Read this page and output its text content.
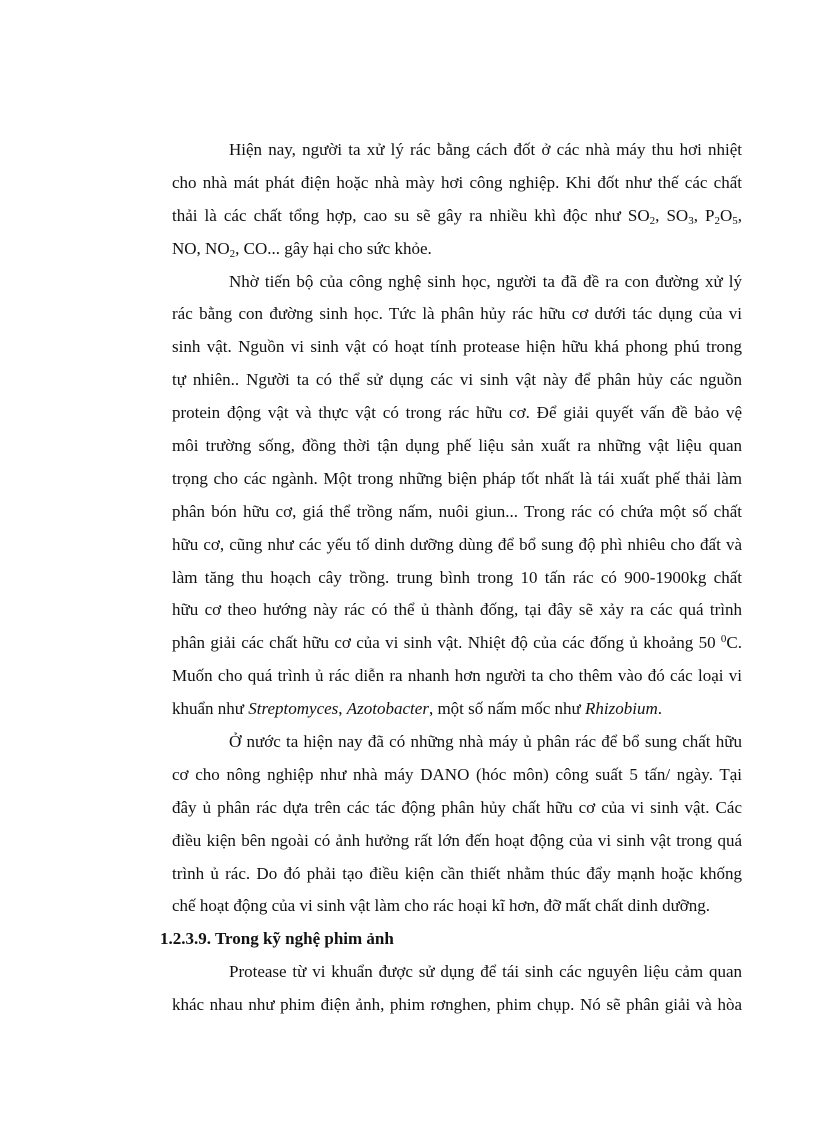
Hiện nay, người ta xử lý rác bằng cách đốt ở các nhà máy thu hơi nhiệt
cho nhà mát phát điện hoặc nhà mày hơi công nghiệp. Khi đốt như thế các chất
thải là các chất tổng hợp, cao su sẽ gây ra nhiều khì độc như $SO_2$, $SO_3$, $P_2O_5$,
NO, $NO_2$, CO... gây hại cho sức khỏe.
Nhờ tiến bộ của công nghệ sinh học, người ta đã đề ra con đường xử lý
rác bằng con đường sinh học. Tức là phân hủy rác hữu cơ dưới tác dụng của vi
sinh vật. Nguồn vi sinh vật có hoạt tính protease hiện hữu khá phong phú trong
tự nhiên.. Người ta có thể sử dụng các vi sinh vật này để phân hủy các nguồn
protein động vật và thực vật có trong rác hữu cơ. Để giải quyết vấn đề bảo vệ
môi trường sống, đồng thời tận dụng phế liệu sản xuất ra những vật liệu quan
trọng cho các ngành. Một trong những biện pháp tốt nhất là tái xuất phế thải làm
phân bón hữu cơ, giá thể trồng nấm, nuôi giun... Trong rác có chứa một số chất
hữu cơ, cũng như các yếu tố dinh dưỡng dùng để bổ sung độ phì nhiêu cho đất và
làm tăng thu hoạch cây trồng. trung bình trong 10 tấn rác có 900-1900kg chất
hữu cơ theo hướng này rác có thể ủ thành đống, tại đây sẽ xảy ra các quá trình
phân giải các chất hữu cơ của vi sinh vật. Nhiệt độ của các đống ủ khoảng 50 $^0$C.
Muốn cho quá trình ủ rác diễn ra nhanh hơn người ta cho thêm vào đó các loại vi
khuẩn như Streptomyces, Azotobacter, một số nấm mốc như Rhizobium.
Ở nước ta hiện nay đã có những nhà máy ủ phân rác để bổ sung chất hữu
cơ cho nông nghiệp như nhà máy DANO (hóc môn) công suất 5 tấn/ ngày. Tại
đây ủ phân rác dựa trên các tác động phân hủy chất hữu cơ của vi sinh vật. Các
điều kiện bên ngoài có ảnh hưởng rất lớn đến hoạt động của vi sinh vật trong quá
trình ủ rác. Do đó phải tạo điều kiện cần thiết nhằm thúc đẩy mạnh hoặc khống
chế hoạt động của vi sinh vật làm cho rác hoại kĩ hơn, đỡ mất chất dinh dưỡng.
1.2.3.9. Trong kỹ nghệ phim ảnh
Protease từ vi khuẩn được sử dụng để tái sinh các nguyên liệu cảm quan
khác nhau như phim điện ảnh, phim rơnghen, phim chụp. Nó sẽ phân giải và hòa
